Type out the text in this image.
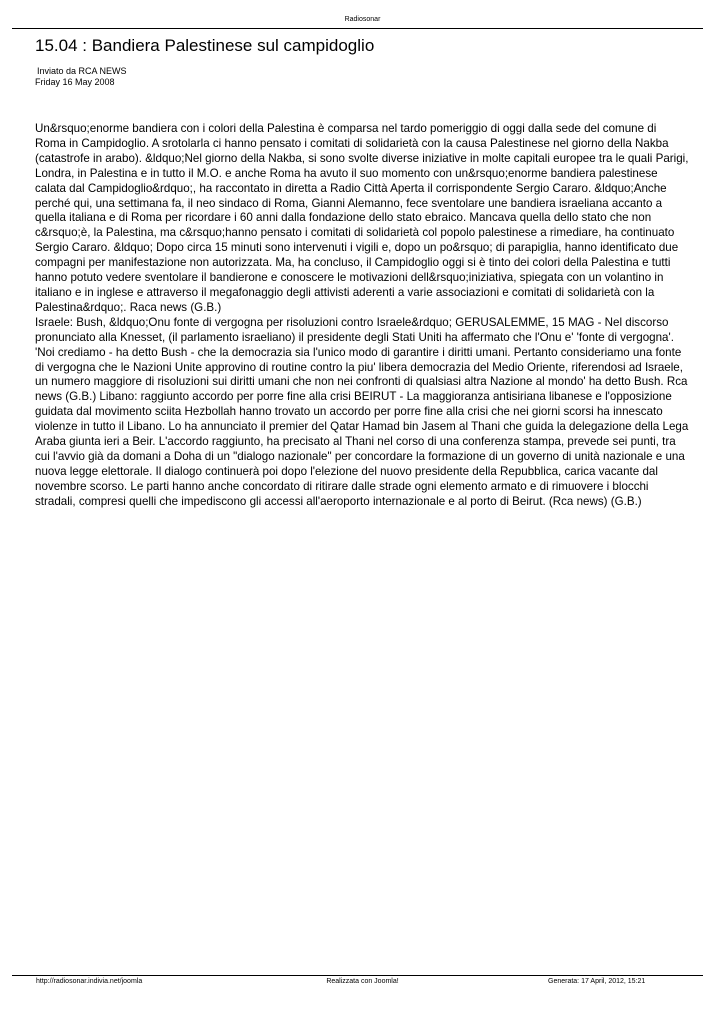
Radiosonar
15.04 : Bandiera Palestinese sul campidoglio
Inviato da RCA NEWS
Friday 16 May 2008

Un&rsquo;enorme bandiera con i colori della Palestina è comparsa nel tardo pomeriggio di oggi dalla sede del comune di Roma in Campidoglio. A srotolarla ci hanno pensato i comitati di solidarietà con la causa Palestinese nel giorno della Nakba (catastrofe in arabo). &ldquo;Nel giorno della Nakba, si sono svolte diverse iniziative in molte capitali europee tra le quali Parigi, Londra, in Palestina e in tutto il M.O. e anche Roma ha avuto il suo momento con un&rsquo;enorme bandiera palestinese calata dal Campidoglio&rdquo;, ha raccontato in diretta a Radio Città Aperta il corrispondente Sergio Cararo. &ldquo;Anche perché qui, una settimana fa, il neo sindaco di Roma, Gianni Alemanno, fece sventolare une bandiera israeliana accanto a quella italiana e di Roma per ricordare i 60 anni dalla fondazione dello stato ebraico. Mancava quella dello stato che non c&rsquo;è, la Palestina, ma c&rsquo;hanno pensato i comitati di solidarietà col popolo palestinese a rimediare, ha continuato Sergio Cararo. &ldquo; Dopo circa 15 minuti sono intervenuti i vigili e, dopo un po&rsquo; di parapiglia, hanno identificato due compagni per manifestazione non autorizzata. Ma, ha concluso, il Campidoglio oggi si è tinto dei colori della Palestina e tutti hanno potuto vedere sventolare il bandierone e conoscere le motivazioni dell&rsquo;iniziativa, spiegata con un volantino in italiano e in inglese e attraverso il megafonaggio degli attivisti aderenti a varie associazioni e comitati di solidarietà con la Palestina&rdquo;. Raca news (G.B.)

Israele: Bush, &ldquo;Onu fonte di vergogna per risoluzioni contro Israele&rdquo; GERUSALEMME, 15 MAG - Nel discorso pronunciato alla Knesset, (il parlamento israeliano) il presidente degli Stati Uniti ha affermato che l'Onu e' 'fonte di vergogna'. 'Noi crediamo - ha detto Bush - che la democrazia sia l'unico modo di garantire i diritti umani. Pertanto consideriamo una fonte di vergogna che le Nazioni Unite approvino di routine contro la piu' libera democrazia del Medio Oriente, riferendosi ad Israele, un numero maggiore di risoluzioni sui diritti umani che non nei confronti di qualsiasi altra Nazione al mondo' ha detto Bush. Rca news (G.B.) Libano: raggiunto accordo per porre fine alla crisi BEIRUT - La maggioranza antisiriana libanese e l'opposizione guidata dal movimento sciita Hezbollah hanno trovato un accordo per porre fine alla crisi che nei giorni scorsi ha innescato violenze in tutto il Libano. Lo ha annunciato il premier del Qatar Hamad bin Jasem al Thani che guida la delegazione della Lega Araba giunta ieri a Beir. L'accordo raggiunto, ha precisato al Thani nel corso di una conferenza stampa, prevede sei punti, tra cui l'avvio già da domani a Doha di un "dialogo nazionale" per concordare la formazione di un governo di unità nazionale e una nuova legge elettorale. Il dialogo continuerà poi dopo l'elezione del nuovo presidente della Repubblica, carica vacante dal novembre scorso. Le parti hanno anche concordato di ritirare dalle strade ogni elemento armato e di rimuovere i blocchi stradali, compresi quelli che impediscono gli accessi all'aeroporto internazionale e al porto di Beirut. (Rca news) (G.B.)

http://radiosonar.indivia.net/joomla	Realizzata con Joomla!	Generata: 17 April, 2012, 15:21
